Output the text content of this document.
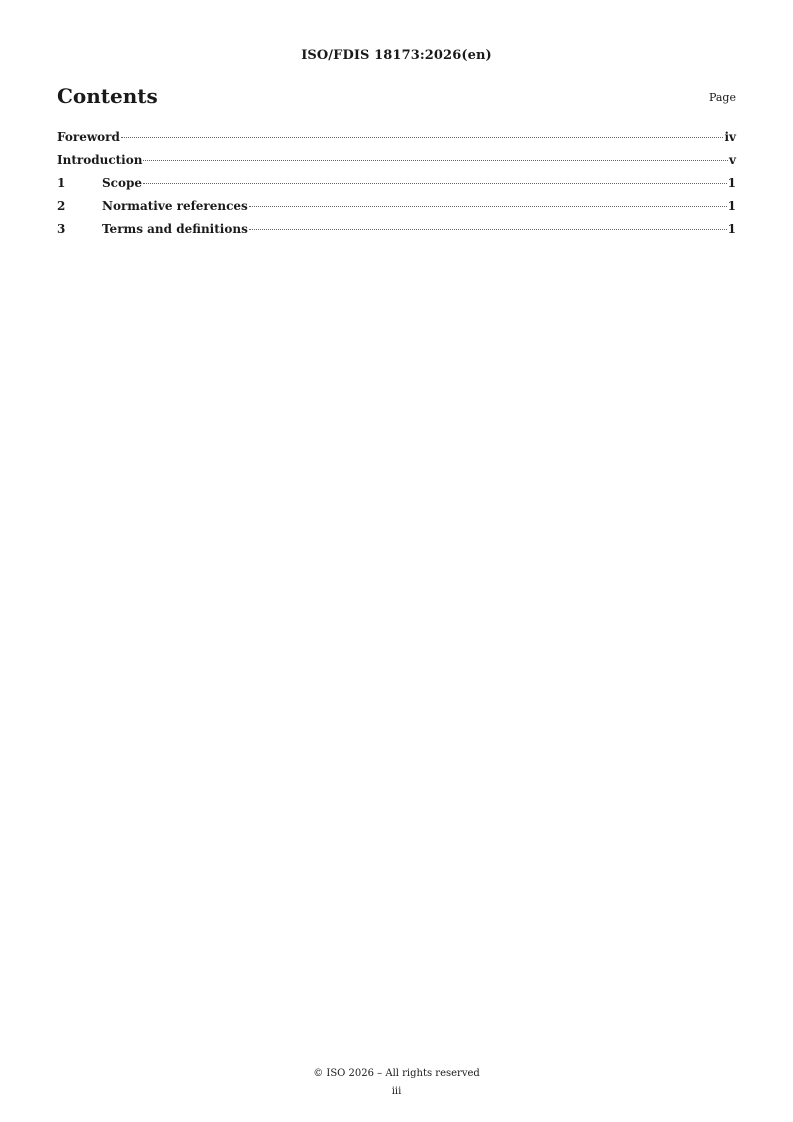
ISO/FDIS 18173:2026(en)
Contents	Page
Foreword	iv
Introduction	v
1	Scope	1
2	Normative references	1
3	Terms and definitions	1
© ISO 2026 – All rights reserved
iii
